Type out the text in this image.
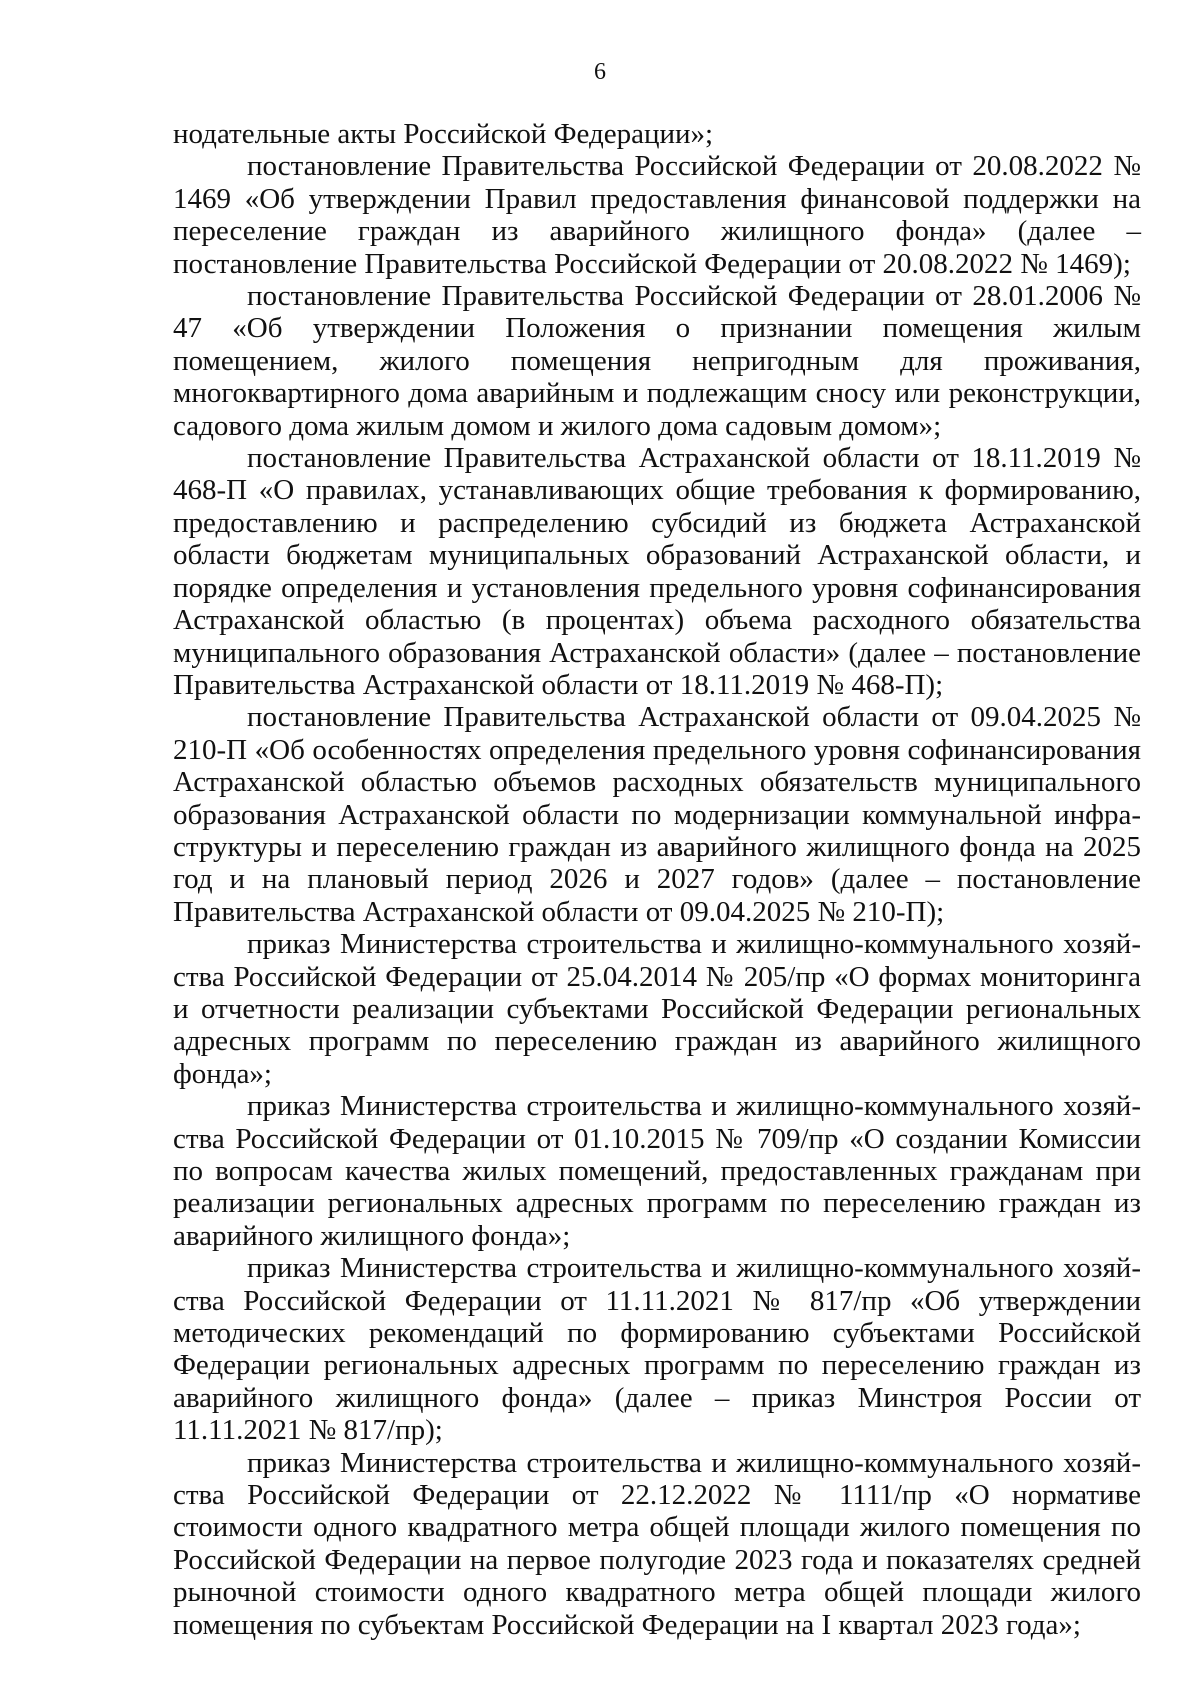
6

нодательные акты Российской Федерации»;

постановление Правительства Российской Федерации от 20.08.2022 № 1469 «Об утверждении Правил предоставления финансовой поддержки на переселение граждан из аварийного жилищного фонда» (далее – постановление Правительства Российской Федерации от 20.08.2022 № 1469);

постановление Правительства Российской Федерации от 28.01.2006 № 47 «Об утверждении Положения о признании помещения жилым помещением, жилого помещения непригодным для проживания, многоквартирного дома аварийным и подлежащим сносу или реконструкции, садового дома жилым домом и жилого дома садовым домом»;

постановление Правительства Астраханской области от 18.11.2019 № 468-П «О правилах, устанавливающих общие требования к формированию, предоставлению и распределению субсидий из бюджета Астраханской области бюджетам муниципальных образований Астраханской области, и порядке определения и установления предельного уровня софинансирования Астраханской областью (в процентах) объема расходного обязательства муниципального образования Астраханской области» (далее – постановление Правительства Астраханской области от 18.11.2019 № 468-П);

постановление Правительства Астраханской области от 09.04.2025 № 210-П «Об особенностях определения предельного уровня софинансирования Астраханской областью объемов расходных обязательств муниципального образования Астраханской области по модернизации коммунальной инфраструктуры и переселению граждан из аварийного жилищного фонда на 2025 год и на плановый период 2026 и 2027 годов» (далее – постановление Правительства Астраханской области от 09.04.2025 № 210-П);

приказ Министерства строительства и жилищно-коммунального хозяйства Российской Федерации от 25.04.2014 № 205/пр «О формах мониторинга и отчетности реализации субъектами Российской Федерации региональных адресных программ по переселению граждан из аварийного жилищного фонда»;

приказ Министерства строительства и жилищно-коммунального хозяйства Российской Федерации от 01.10.2015 № 709/пр «О создании Комиссии по вопросам качества жилых помещений, предоставленных гражданам при реализации региональных адресных программ по переселению граждан из аварийного жилищного фонда»;

приказ Министерства строительства и жилищно-коммунального хозяйства Российской Федерации от 11.11.2021 № 817/пр «Об утверждении методических рекомендаций по формированию субъектами Российской Федерации региональных адресных программ по переселению граждан из аварийного жилищного фонда» (далее – приказ Минстроя России от 11.11.2021 № 817/пр);

приказ Министерства строительства и жилищно-коммунального хозяйства Российской Федерации от 22.12.2022 № 1111/пр «О нормативе стоимости одного квадратного метра общей площади жилого помещения по Российской Федерации на первое полугодие 2023 года и показателях средней рыночной стоимости одного квадратного метра общей площади жилого помещения по субъектам Российской Федерации на I квартал 2023 года»;
